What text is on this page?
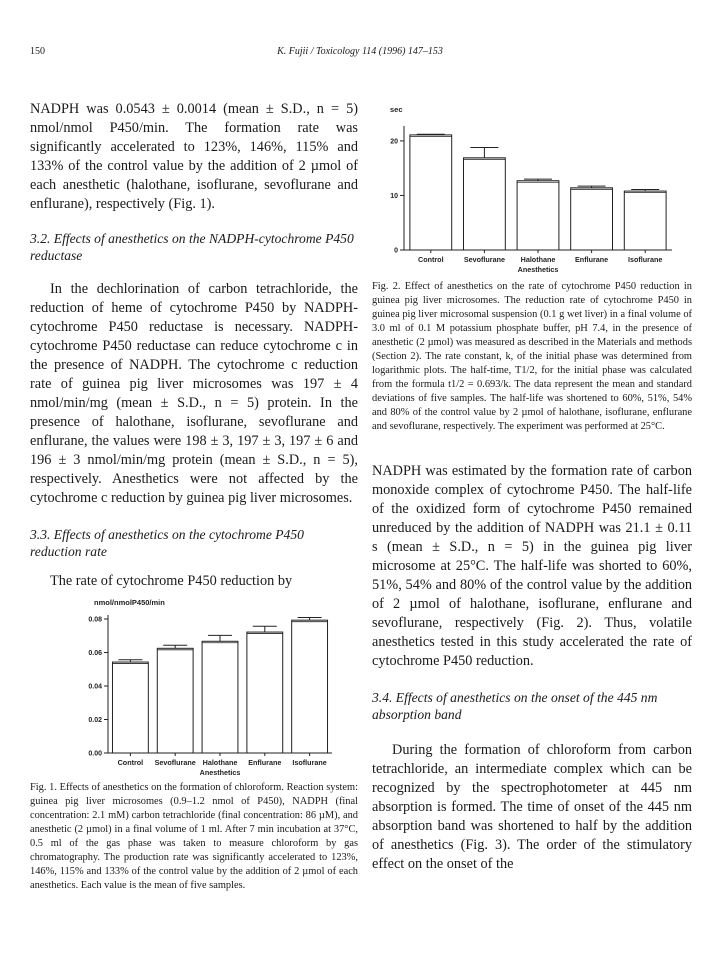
150	K. Fujii / Toxicology 114 (1996) 147–153

NADPH was 0.0543 ± 0.0014 (mean ± S.D., n = 5) nmol/nmol P450/min. The formation rate was significantly accelerated to 123%, 146%, 115% and 133% of the control value by the addition of 2 µmol of each anesthetic (halothane, isoflurane, sevoflurane and enflurane), respectively (Fig. 1).

3.2. Effects of anesthetics on the NADPH-cytochrome P450 reductase

In the dechlorination of carbon tetrachloride, the reduction of heme of cytochrome P450 by NADPH-cytochrome P450 reductase is necessary. NADPH-cytochrome P450 reductase can reduce cytochrome c in the presence of NADPH. The cytochrome c reduction rate of guinea pig liver microsomes was 197 ± 4 nmol/min/mg (mean ± S.D., n = 5) protein. In the presence of halothane, isoflurane, sevoflurane and enflurane, the values were 198 ± 3, 197 ± 3, 197 ± 6 and 196 ± 3 nmol/min/mg protein (mean ± S.D., n = 5), respectively. Anesthetics were not affected by the cytochrome c reduction by guinea pig liver microsomes.

3.3. Effects of anesthetics on the cytochrome P450 reduction rate

The rate of cytochrome P450 reduction by

nmol/nmolP450/min
0.00
0.02
0.04
0.06
0.08
Control Sevoflurane Halothane Enflurane Isoflurane
Anesthetics

Fig. 1. Effects of anesthetics on the formation of chloroform. Reaction system: guinea pig liver microsomes (0.9–1.2 nmol of P450), NADPH (final concentration: 2.1 mM) carbon tetrachloride (final concentration: 86 µM), and anesthetic (2 µmol) in a final volume of 1 ml. After 7 min incubation at 37°C, 0.5 ml of the gas phase was taken to measure chloroform by gas chromatography. The production rate was significantly accelerated to 123%, 146%, 115% and 133% of the control value by the addition of 2 µmol of each anesthetics. Each value is the mean of five samples.

sec
0
10
20
Control	Sevoflurane Halothane	Enflurane	Isoflurane
Anesthetics

Fig. 2. Effect of anesthetics on the rate of cytochrome P450 reduction in guinea pig liver microsomes. The reduction rate of cytochrome P450 in guinea pig liver microsomal suspension (0.1 g wet liver) in a final volume of 3.0 ml of 0.1 M potassium phosphate buffer, pH 7.4, in the presence of anesthetic (2 µmol) was measured as described in the Materials and methods (Section 2). The rate constant, k, of the initial phase was determined from logarithmic plots. The half-time, T1/2, for the initial phase was calculated from the formula t1/2 = 0.693/k. The data represent the mean and standard deviations of five samples. The half-life was shortened to 60%, 51%, 54% and 80% of the control value by 2 µmol of halothane, isoflurane, enflurane and sevoflurane, respectively. The experiment was performed at 25°C.

NADPH was estimated by the formation rate of carbon monoxide complex of cytochrome P450. The half-life of the oxidized form of cytochrome P450 remained unreduced by the addition of NADPH was 21.1 ± 0.11 s (mean ± S.D., n = 5) in the guinea pig liver microsome at 25°C. The half-life was shorted to 60%, 51%, 54% and 80% of the control value by the addition of 2 µmol of halothane, isoflurane, enflurane and sevoflurane, respectively (Fig. 2). Thus, volatile anesthetics tested in this study accelerated the rate of cytochrome P450 reduction.

3.4. Effects of anesthetics on the onset of the 445 nm absorption band

During the formation of chloroform from carbon tetrachloride, an intermediate complex which can be recognized by the spectrophotometer at 445 nm absorption is formed. The time of onset of the 445 nm absorption band was shortened to half by the addition of anesthetics (Fig. 3). The order of the stimulatory effect on the onset of the
